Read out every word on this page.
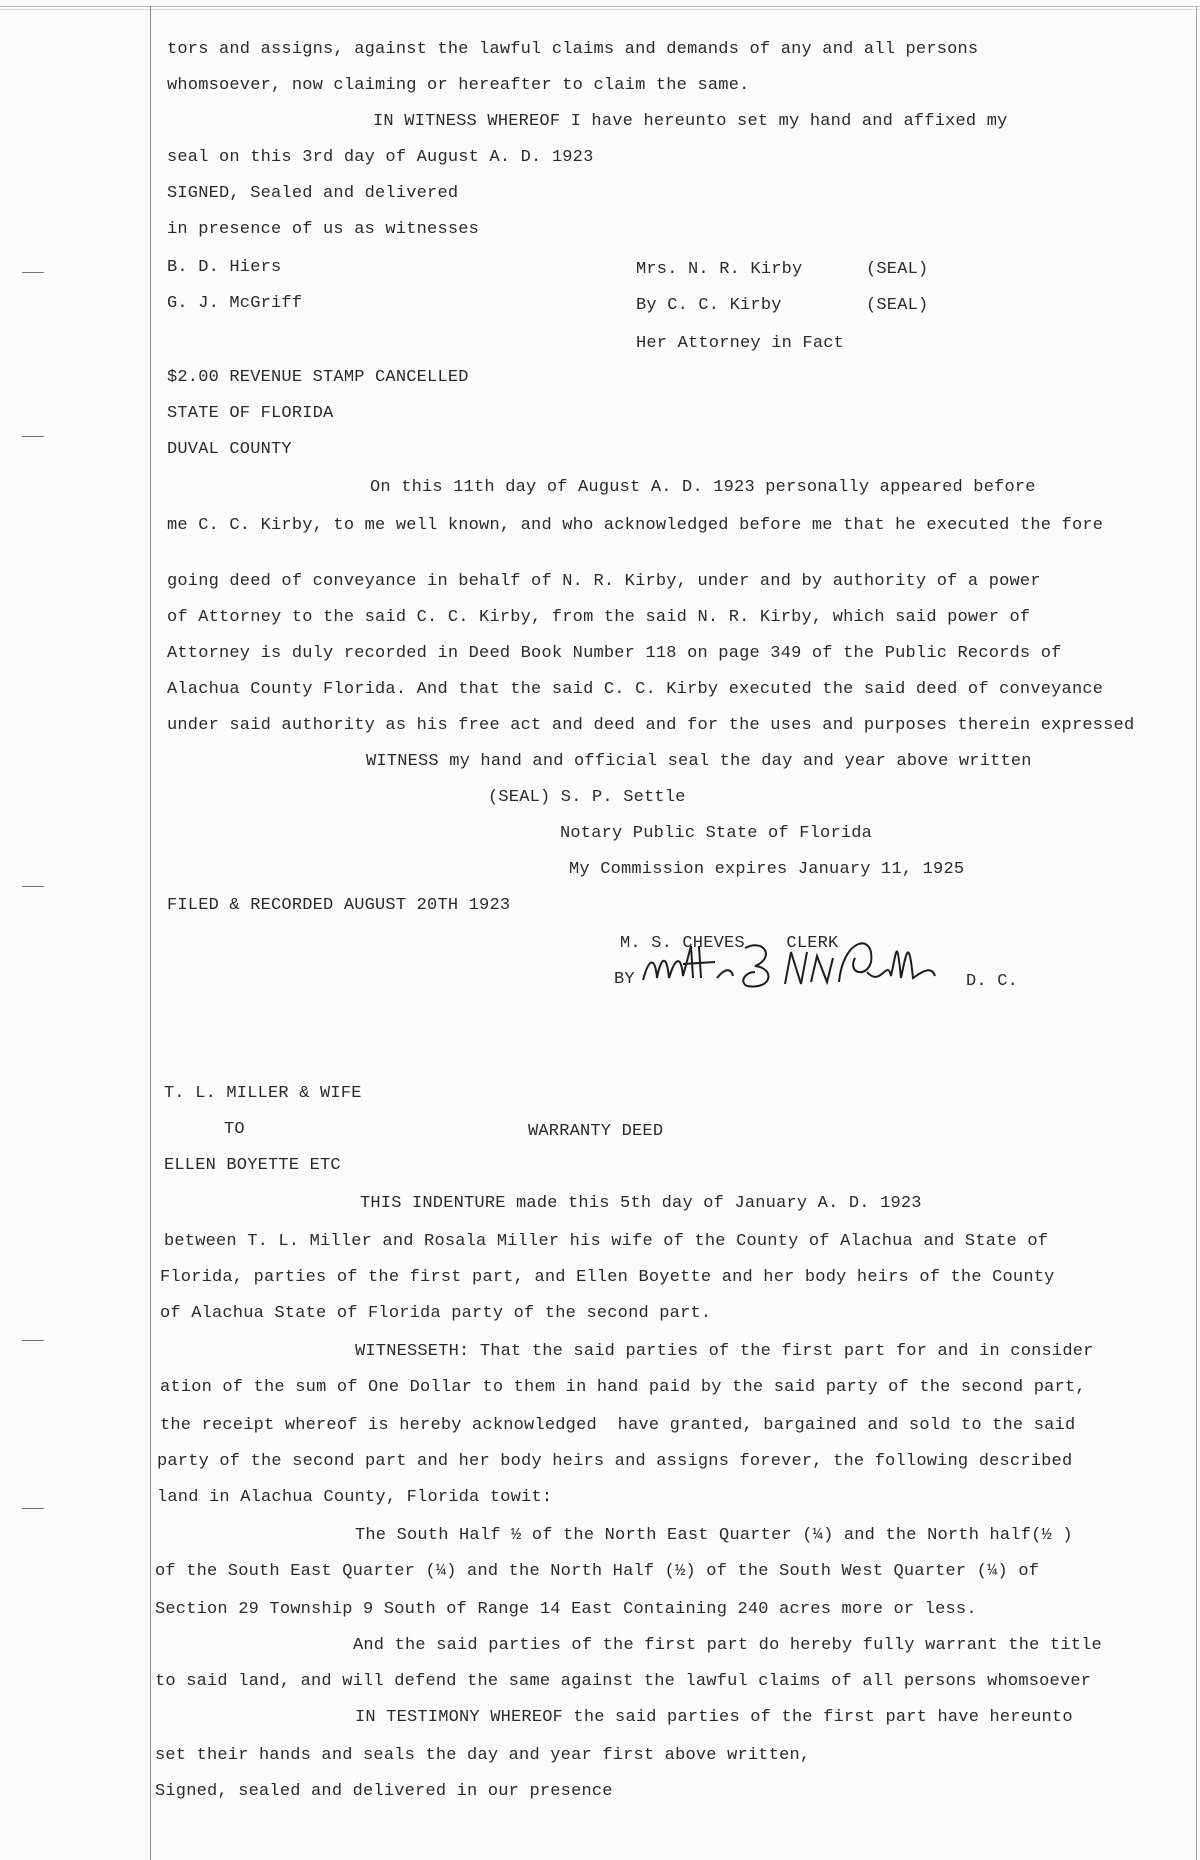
tors and assigns, against the lawful claims and demands of any and all persons
whomsoever, now claiming or hereafter to claim the same.
IN WITNESS WHEREOF I have hereunto set my hand and affixed my
seal on this 3rd day of August A. D. 1923
SIGNED, Sealed and delivered
in presence of us as witnesses
B. D. Hiers
G. J. McGriff
Mrs. N. R. Kirby
By C. C. Kirby
Her Attorney in Fact
(SEAL)
(SEAL)
$2.00 REVENUE STAMP CANCELLED
STATE OF FLORIDA
DUVAL COUNTY
On this 11th day of August A. D. 1923 personally appeared before
me C. C. Kirby, to me well known, and who acknowledged before me that he executed the fore
going deed of conveyance in behalf of N. R. Kirby, under and by authority of a power
of Attorney to the said C. C. Kirby, from the said N. R. Kirby, which said power of
Attorney is duly recorded in Deed Book Number 118 on page 349 of the Public Records of
Alachua County Florida. And that the said C. C. Kirby executed the said deed of conveyance
under said authority as his free act and deed and for the uses and purposes therein expressed
WITNESS my hand and official seal the day and year above written
(SEAL) S. P. Settle
Notary Public State of Florida
My Commission expires January 11, 1925
FILED & RECORDED AUGUST 20TH 1923
M. S. CHEVES    CLERK
BY	D. C.
T. L. MILLER & WIFE
TO	WARRANTY DEED
ELLEN BOYETTE ETC
THIS INDENTURE made this 5th day of January A. D. 1923
between T. L. Miller and Rosala Miller his wife of the County of Alachua and State of
Florida, parties of the first part, and Ellen Boyette and her body heirs of the County
of Alachua State of Florida party of the second part.
WITNESSETH: That the said parties of the first part for and in consider
ation of the sum of One Dollar to them in hand paid by the said party of the second part,
the receipt whereof is hereby acknowledged  have granted, bargained and sold to the said
party of the second part and her body heirs and assigns forever, the following described
land in Alachua County, Florida towit:
The South Half ½ of the North East Quarter (¼) and the North half(½ )
of the South East Quarter (¼) and the North Half (½) of the South West Quarter (¼) of
Section 29 Township 9 South of Range 14 East Containing 240 acres more or less.
And the said parties of the first part do hereby fully warrant the title
to said land, and will defend the same against the lawful claims of all persons whomsoever
IN TESTIMONY WHEREOF the said parties of the first part have hereunto
set their hands and seals the day and year first above written,
Signed, sealed and delivered in our presence
